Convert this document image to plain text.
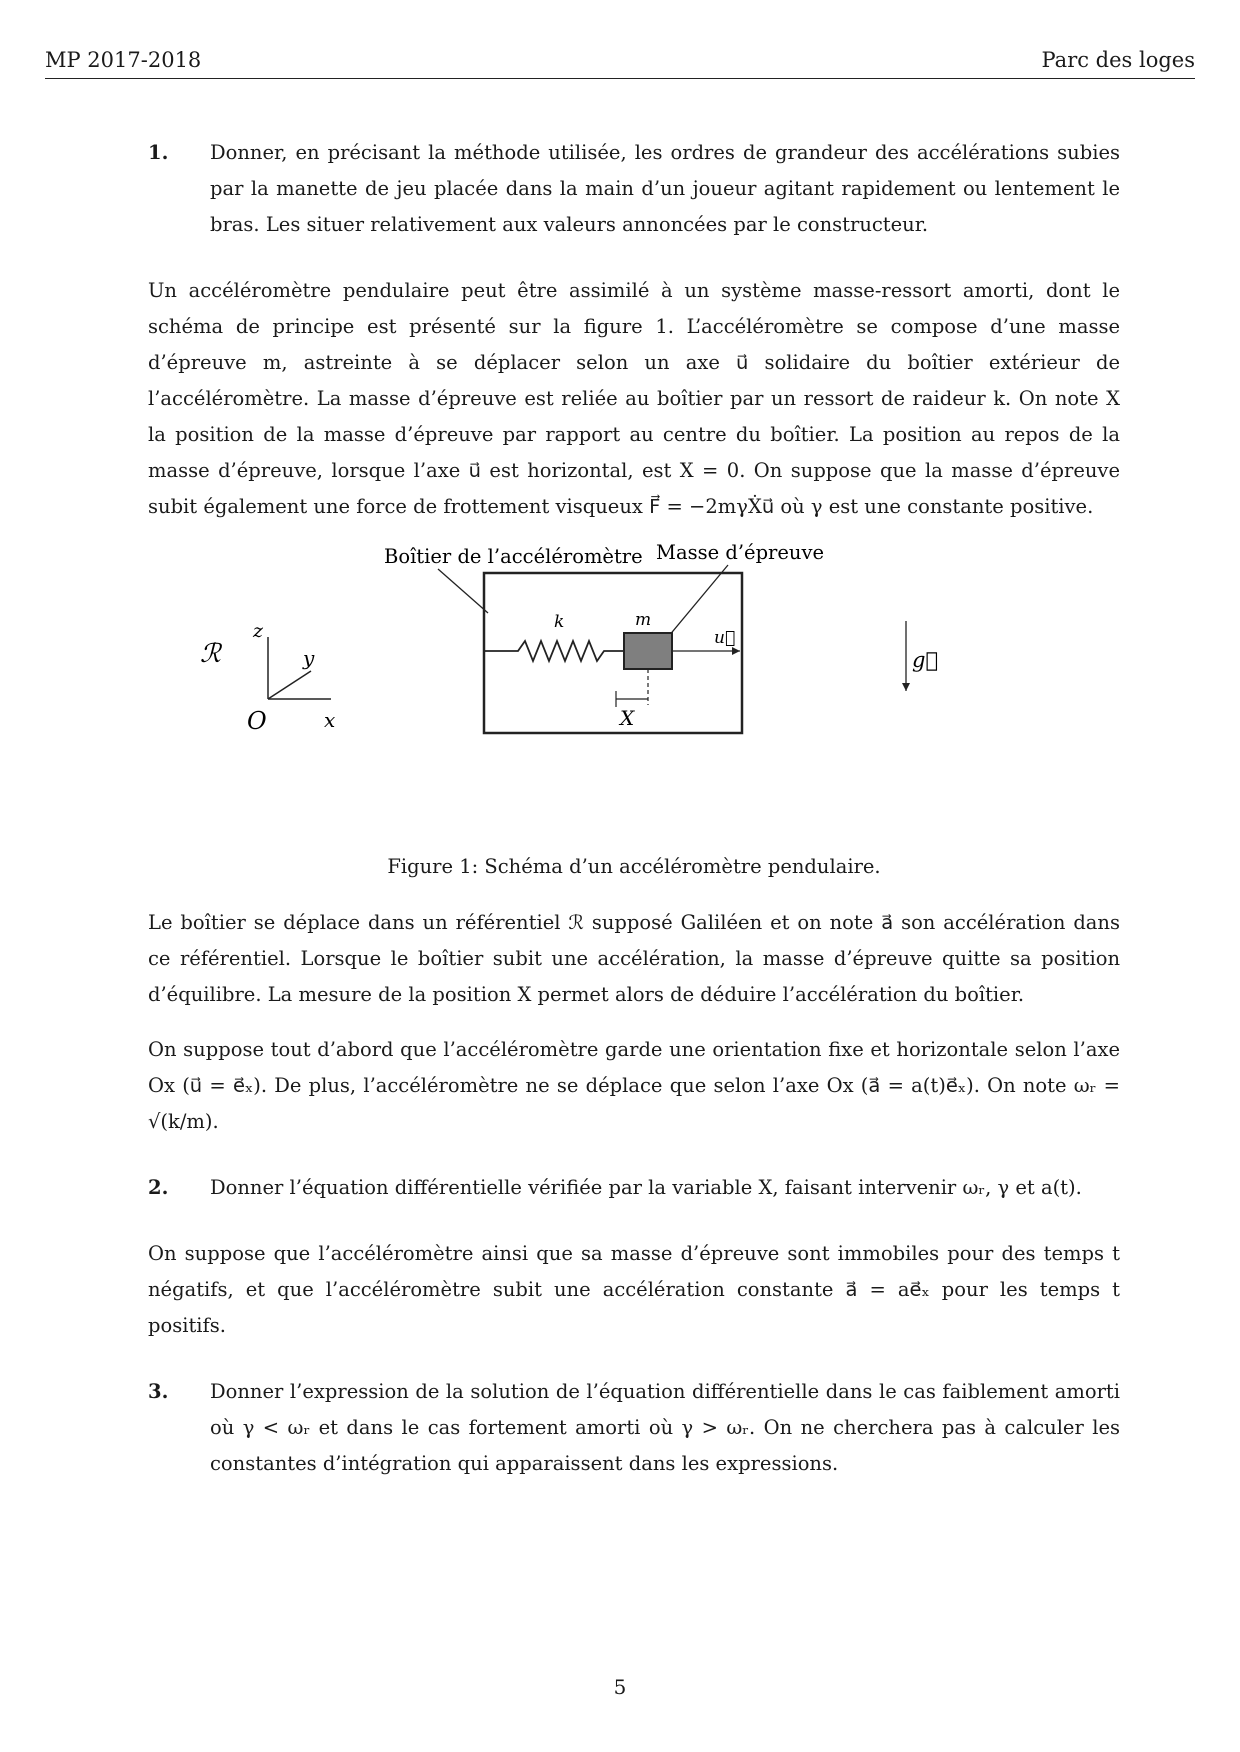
MP 2017-2018	Parc des loges
1.	Donner, en précisant la méthode utilisée, les ordres de grandeur des accélérations subies par la manette de jeu placée dans la main d’un joueur agitant rapidement ou lentement le bras. Les situer relativement aux valeurs annoncées par le constructeur.

Un accéléromètre pendulaire peut être assimilé à un système masse-ressort amorti, dont le schéma de principe est présenté sur la figure 1. L’accéléromètre se compose d’une masse d’épreuve m, astreinte à se déplacer selon un axe u⃗ solidaire du boîtier extérieur de l’accéléromètre. La masse d’épreuve est reliée au boîtier par un ressort de raideur k. On note X la position de la masse d’épreuve par rapport au centre du boîtier. La position au repos de la masse d’épreuve, lorsque l’axe u⃗ est horizontal, est X = 0. On suppose que la masse d’épreuve subit également une force de frottement visqueux F⃗ = −2mγẊu⃗ où γ est une constante positive.

Boîtier de l’accéléromètre Masse d’épreuve
ℛ
z
y
x
O
k	m
u⃗
X
g⃗

Figure 1: Schéma d’un accéléromètre pendulaire.

Le boîtier se déplace dans un référentiel ℛ supposé Galiléen et on note a⃗ son accélération dans ce référentiel. Lorsque le boîtier subit une accélération, la masse d’épreuve quitte sa position d’équilibre. La mesure de la position X permet alors de déduire l’accélération du boîtier.

On suppose tout d’abord que l’accéléromètre garde une orientation fixe et horizontale selon l’axe Ox (u⃗ = e⃗ₓ). De plus, l’accéléromètre ne se déplace que selon l’axe Ox (a⃗ = a(t)e⃗ₓ). On note ωᵣ = √(k/m).

2.	Donner l’équation différentielle vérifiée par la variable X, faisant intervenir ωᵣ, γ et a(t).

On suppose que l’accéléromètre ainsi que sa masse d’épreuve sont immobiles pour des temps t négatifs, et que l’accéléromètre subit une accélération constante a⃗ = ae⃗ₓ pour les temps t positifs.

3.	Donner l’expression de la solution de l’équation différentielle dans le cas faiblement amorti où γ < ωᵣ et dans le cas fortement amorti où γ > ωᵣ. On ne cherchera pas à calculer les constantes d’intégration qui apparaissent dans les expressions.
5
